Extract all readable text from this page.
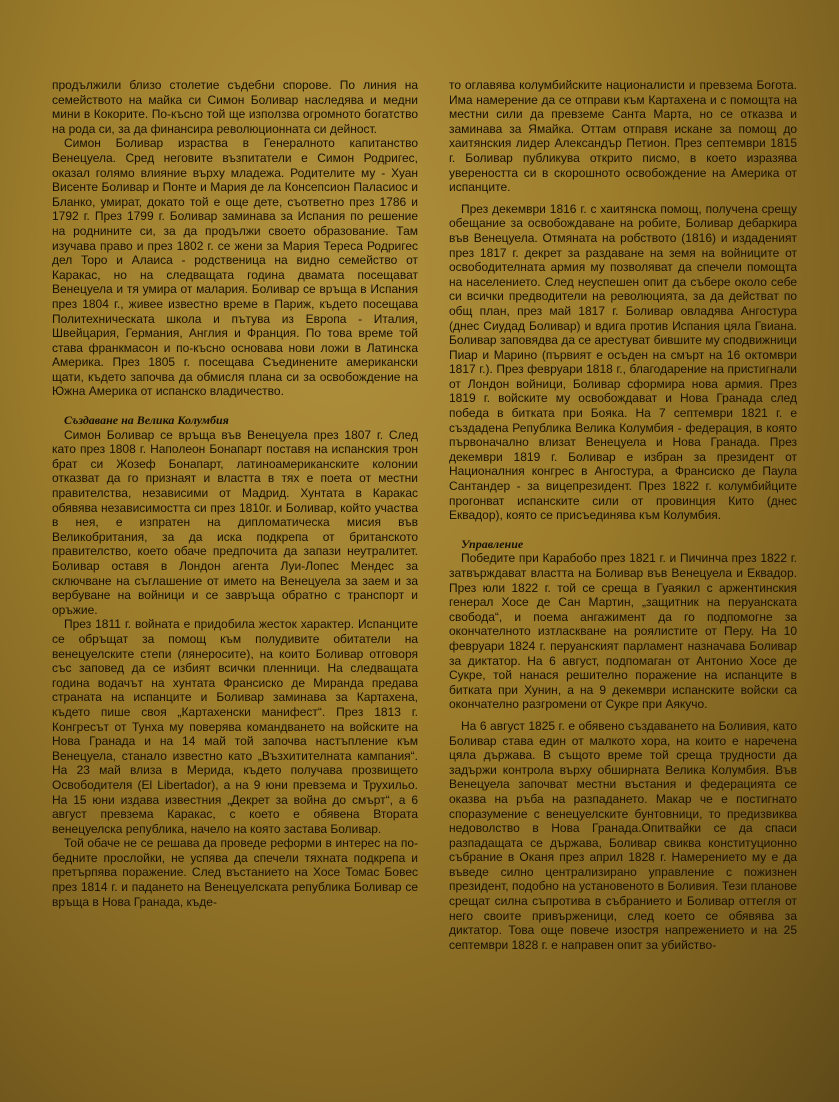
продължили близо столетие съдебни спорове. По линия на семейството на майка си Симон Боливар наследява и медни мини в Кокорите. По-късно той ще използва огромното богатство на рода си, за да финансира революционната си дейност.

Симон Боливар израства в Генералното капитанство Венецуела. Сред неговите възпитатели е Симон Родригес, оказал голямо влияние върху младежа. Родителите му - Хуан Висенте Боливар и Понте и Мария де ла Консепсион Паласиос и Бланко, умират, докато той е още дете, съответно през 1786 и 1792 г. През 1799 г. Боливар заминава за Испания по решение на роднините си, за да продължи своето образование. Там изучава право и през 1802 г. се жени за Мария Тереса Родригес дел Торо и Алаиса - родственица на видно семейство от Каракас, но на следващата година двамата посещават Венецуела и тя умира от малария. Боливар се връща в Испания през 1804 г., живее известно време в Париж, където посещава Политехническата школа и пътува из Европа - Италия, Швейцария, Германия, Англия и Франция. По това време той става франкмасон и по-късно основава нови ложи в Латинска Америка. През 1805 г. посещава Съединените американски щати, където започва да обмисля плана си за освобождение на Южна Америка от испанско владичество.

Създаване на Велика Колумбия

Симон Боливар се връща във Венецуела през 1807 г. След като през 1808 г. Наполеон Бонапарт поставя на испанския трон брат си Жозеф Бонапарт, латиноамериканските колонии отказват да го признаят и властта в тях е поета от местни правителства, независими от Мадрид. Хунтата в Каракас обявява независимостта си през 1810г. и Боливар, който участва в нея, е изпратен на дипломатическа мисия във Великобритания, за да иска подкрепа от британското правителство, което обаче предпочита да запази неутралитет. Боливар оставя в Лондон агента Луи-Лопес Мендес за сключване на съглашение от името на Венецуела за заем и за вербуване на войници и се завръща обратно с транспорт и оръжие.

През 1811 г. войната е придобила жесток характер. Испанците се обръщат за помощ към полудивите обитатели на венецуелските степи (лянеросите), на които Боливар отговоря със заповед да се избият всички пленници. На следващата година водачът на хунтата Франсиско де Миранда предава страната на испанците и Боливар заминава за Картахена, където пише своя „Картахенски манифест“. През 1813 г. Конгресът от Тунха му поверява командването на войските на Нова Гранада и на 14 май той започва настъпление към Венецуела, станало известно като „Възхитителната кампания“. На 23 май влиза в Мерида, където получава прозвището Освободителя (El Libertador), а на 9 юни превзема и Трухильо. На 15 юни издава известния „Декрет за война до смърт“, а 6 август превзема Каракас, с което е обявена Втората венецуелска република, начело на която застава Боливар.

Той обаче не се решава да проведе реформи в интерес на по-бедните прослойки, не успява да спечели тяхната подкрепа и претърпява поражение. След въстанието на Хосе Томас Бовес през 1814 г. и падането на Венецуелската република Боливар се връща в Нова Гранада, къде-

то оглавява колумбийските националисти и превзема Богота. Има намерение да се отправи към Картахена и с помощта на местни сили да превземе Санта Марта, но се отказва и заминава за Ямайка. Оттам отправя искане за помощ до хаитянския лидер Александър Петион. През септември 1815 г. Боливар публикува открито писмо, в което изразява увереността си в скорошното освобождение на Америка от испанците.

През декември 1816 г. с хаитянска помощ, получена срещу обещание за освобождаване на робите, Боливар дебаркира във Венецуела. Отмяната на робството (1816) и издаденият през 1817 г. декрет за раздаване на земя на войниците от освободителната армия му позволяват да спечели помощта на населението. След неуспешен опит да събере около себе си всички предводители на революцията, за да действат по общ план, през май 1817 г. Боливар овладява Ангостура (днес Сиудад Боливар) и вдига против Испания цяла Гвиана. Боливар заповядва да се арестуват бившите му сподвижници Пиар и Марино (първият е осъден на смърт на 16 октомври 1817 г.). През февруари 1818 г., благодарение на пристигнали от Лондон войници, Боливар сформира нова армия. През 1819 г. войските му освобождават и Нова Гранада след победа в битката при Бояка. На 7 септември 1821 г. е създадена Република Велика Колумбия - федерация, в която първоначално влизат Венецуела и Нова Гранада. През декември 1819 г. Боливар е избран за президент от Националния конгрес в Ангостура, а Франсиско де Паула Сантандер - за вицепрезидент. През 1822 г. колумбийците прогонват испанските сили от провинция Кито (днес Еквадор), която се присъединява към Колумбия.

Управление

Победите при Карабобо през 1821 г. и Пичинча през 1822 г. затвърждават властта на Боливар във Венецуела и Еквадор. През юли 1822 г. той се среща в Гуаякил с аржентинския генерал Хосе де Сан Мартин, „защитник на перуанската свобода“, и поема ангажимент да го подпомогне за окончателното изтласкване на роялистите от Перу. На 10 февруари 1824 г. перуанският парламент назначава Боливар за диктатор. На 6 август, подпомаган от Антонио Хосе де Сукре, той нанася решително поражение на испанците в битката при Хунин, а на 9 декември испанските войски са окончателно разгромени от Сукре при Аякучо.

На 6 август 1825 г. е обявено създаването на Боливия, като Боливар става един от малкото хора, на които е наречена цяла държава. В същото време той среща трудности да задържи контрола върху обширната Велика Колумбия. Във Венецуела започват местни въстания и федерацията се оказва на ръба на разпадането. Макар че е постигнато споразумение с венецуелските бунтовници, то предизвиква недоволство в Нова Гранада.Опитвайки се да спаси разпадащата се държава, Боливар свиква конституционно събрание в Оканя през април 1828 г. Намерението му е да въведе силно централизирано управление с пожизнен президент, подобно на установеното в Боливия. Тези планове срещат силна съпротива в събранието и Боливар оттегля от него своите привърженици, след което се обявява за диктатор. Това още повече изостря напрежението и на 25 септември 1828 г. е направен опит за убийство-
